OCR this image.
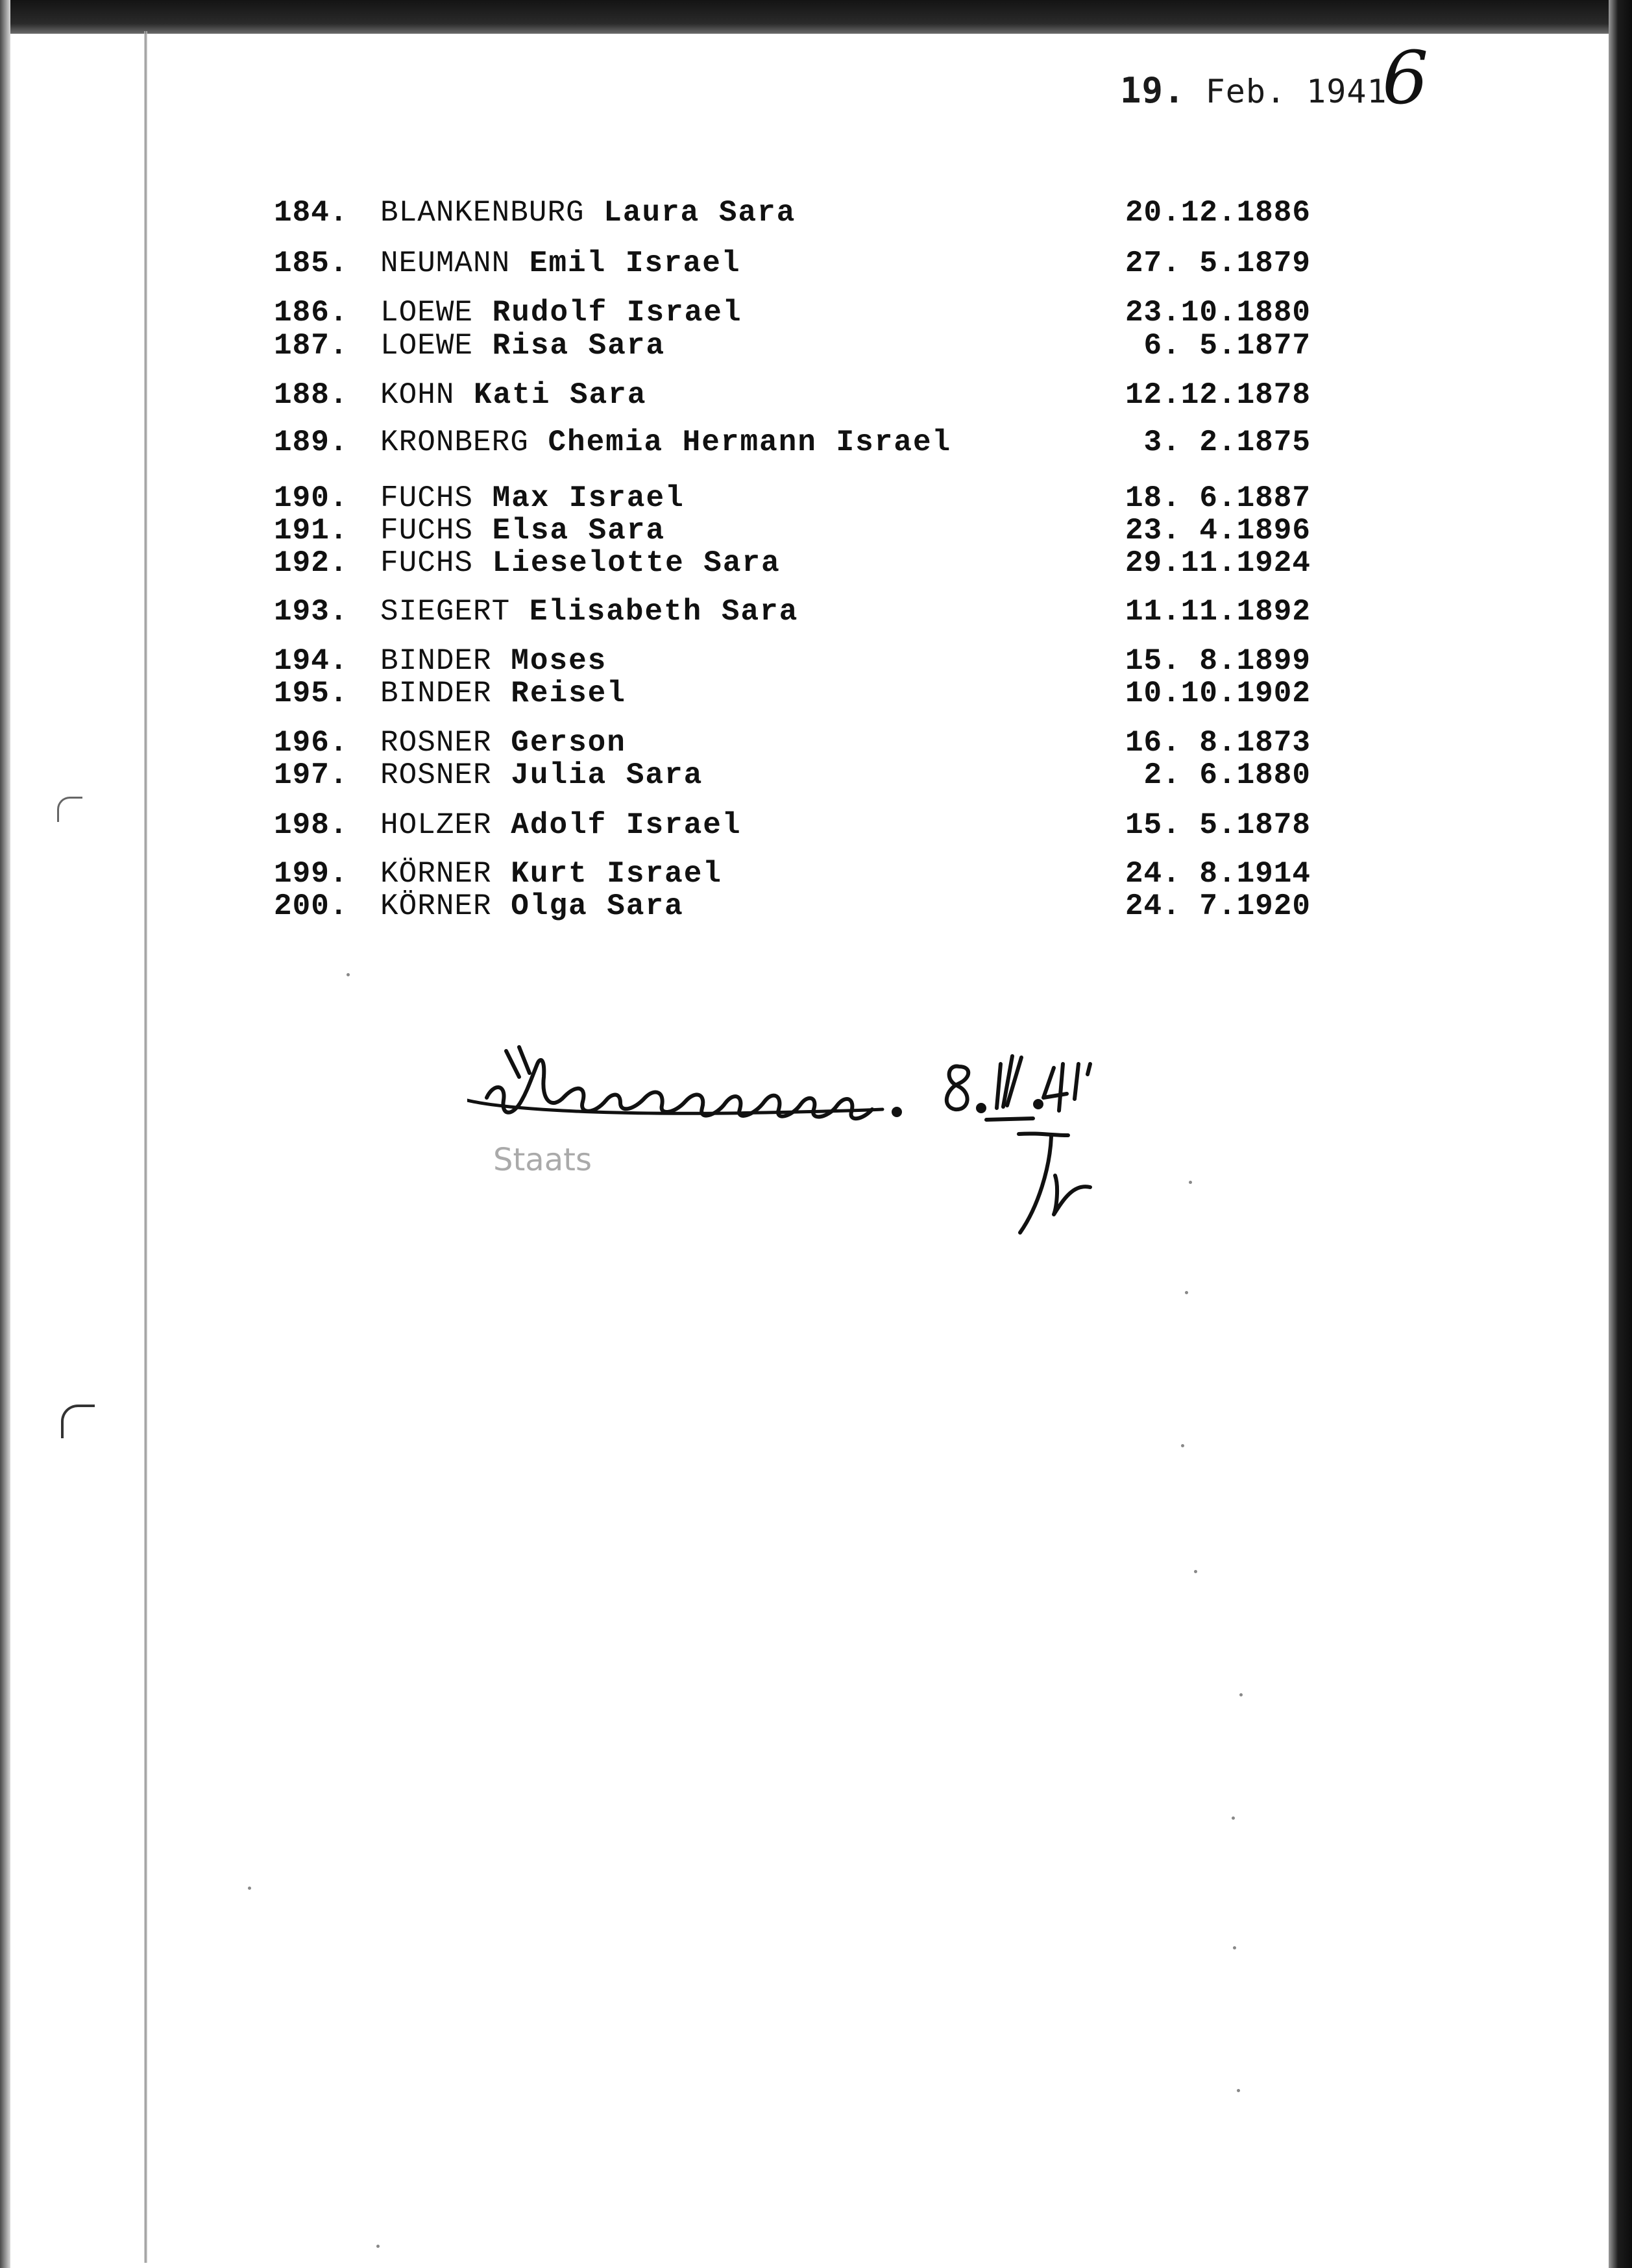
19. Feb. 1941
6
184. BLANKENBURG Laura Sara	20.12.1886
185. NEUMANN Emil Israel	27. 5.1879
186. LOEWE Rudolf Israel	23.10.1880
187. LOEWE Risa Sara	6. 5.1877
188. KOHN Kati Sara	12.12.1878
189. KRONBERG Chemia Hermann Israel	3. 2.1875
190. FUCHS Max Israel	18. 6.1887
191. FUCHS Elsa Sara	23. 4.1896
192. FUCHS Lieselotte Sara	29.11.1924
193. SIEGERT Elisabeth Sara	11.11.1892
194. BINDER Moses	15. 8.1899
195. BINDER Reisel	10.10.1902
196. ROSNER Gerson	16. 8.1873
197. ROSNER Julia Sara	2. 6.1880
198. HOLZER Adolf Israel	15. 5.1878
199. KÖRNER Kurt Israel	24. 8.1914
200. KÖRNER Olga Sara	24. 7.1920
Staats
